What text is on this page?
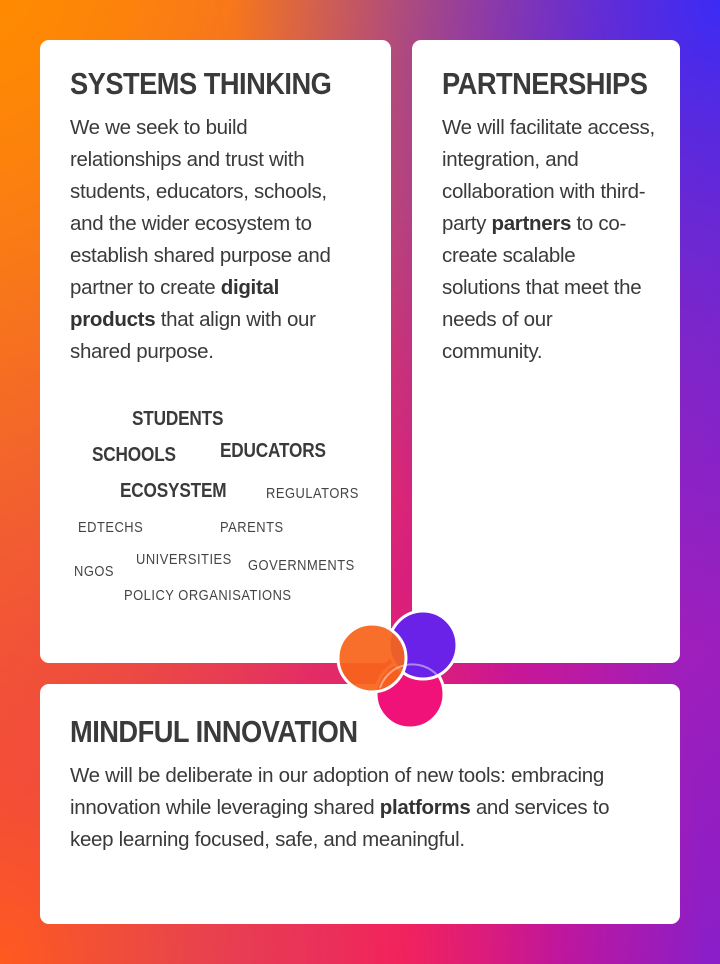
SYSTEMS THINKING

We we seek to build relationships and trust with students, educators, schools, and the wider ecosystem to establish shared purpose and partner to create digital products that align with our shared purpose.

STUDENTS
SCHOOLS EDUCATORS
ECOSYSTEM	REGULATORS
EDTECHS	PARENTS
UNIVERSITIES GOVERNMENTS
NGOS
POLICY ORGANISATIONS
PARTNERSHIPS

We will facilitate access, integration, and collaboration with third-party partners to co-create scalable solutions that meet the needs of our community.

MINDFUL INNOVATION

We will be deliberate in our adoption of new tools: embracing innovation while leveraging shared platforms and services to keep learning focused, safe, and meaningful.
